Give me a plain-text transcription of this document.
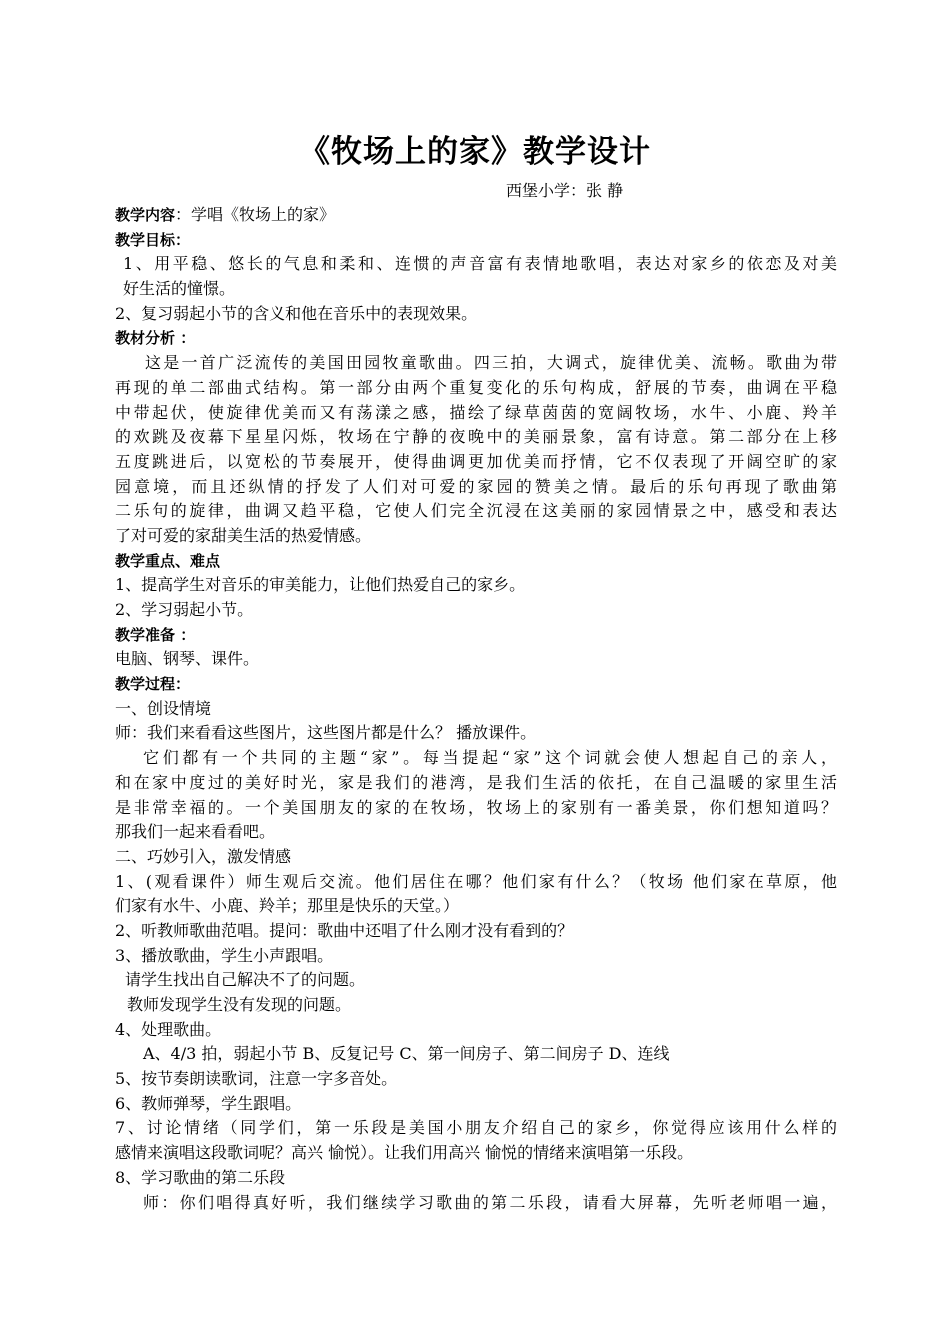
《牧场上的家》教学设计
西堡小学：张 静
教学内容：学唱《牧场上的家》
教学目标：
1、用平稳、悠长的气息和柔和、连惯的声音富有表情地歌唱，表达对家乡的依恋及对美
好生活的憧憬。
2、复习弱起小节的含义和他在音乐中的表现效果。
教材分析 ：
这是一首广泛流传的美国田园牧童歌曲。四三拍，大调式，旋律优美、流畅。歌曲为带
再现的单二部曲式结构。第一部分由两个重复变化的乐句构成，舒展的节奏，曲调在平稳
中带起伏，使旋律优美而又有荡漾之感，描绘了绿草茵茵的宽阔牧场，水牛、小鹿、羚羊
的欢跳及夜幕下星星闪烁，牧场在宁静的夜晚中的美丽景象，富有诗意。第二部分在上移
五度跳进后，以宽松的节奏展开，使得曲调更加优美而抒情，它不仅表现了开阔空旷的家
园意境，而且还纵情的抒发了人们对可爱的家园的赞美之情。最后的乐句再现了歌曲第
二乐句的旋律，曲调又趋平稳，它使人们完全沉浸在这美丽的家园情景之中，感受和表达
了对可爱的家甜美生活的热爱情感。
教学重点、难点
1、提高学生对音乐的审美能力，让他们热爱自己的家乡。
2、学习弱起小节。
教学准备 ：
电脑、钢琴、课件。
教学过程：
一、创设情境
师：我们来看看这些图片，这些图片都是什么？ 播放课件。
它们都有一个共同的主题“家”。每当提起“家”这个词就会使人想起自己的亲人，
和在家中度过的美好时光，家是我们的港湾，是我们生活的依托，在自己温暖的家里生活
是非常幸福的。一个美国朋友的家的在牧场，牧场上的家别有一番美景，你们想知道吗？
那我们一起来看看吧。
二、巧妙引入，激发情感
1、(观看课件）师生观后交流。他们居住在哪？他们家有什么？（牧场 他们家在草原，他
们家有水牛、小鹿、羚羊；那里是快乐的天堂。）
2、听教师歌曲范唱。提问：歌曲中还唱了什么刚才没有看到的？
3、播放歌曲，学生小声跟唱。
请学生找出自己解决不了的问题。
教师发现学生没有发现的问题。
4、处理歌曲。
A、4/3 拍，弱起小节 B、反复记号 C、第一间房子、第二间房子 D、连线
5、按节奏朗读歌词，注意一字多音处。
6、教师弹琴，学生跟唱。
7、讨论情绪（同学们，第一乐段是美国小朋友介绍自己的家乡，你觉得应该用什么样的
感情来演唱这段歌词呢？高兴 愉悦）。让我们用高兴 愉悦的情绪来演唱第一乐段。
8、学习歌曲的第二乐段
师：你们唱得真好听，我们继续学习歌曲的第二乐段，请看大屏幕，先听老师唱一遍，
